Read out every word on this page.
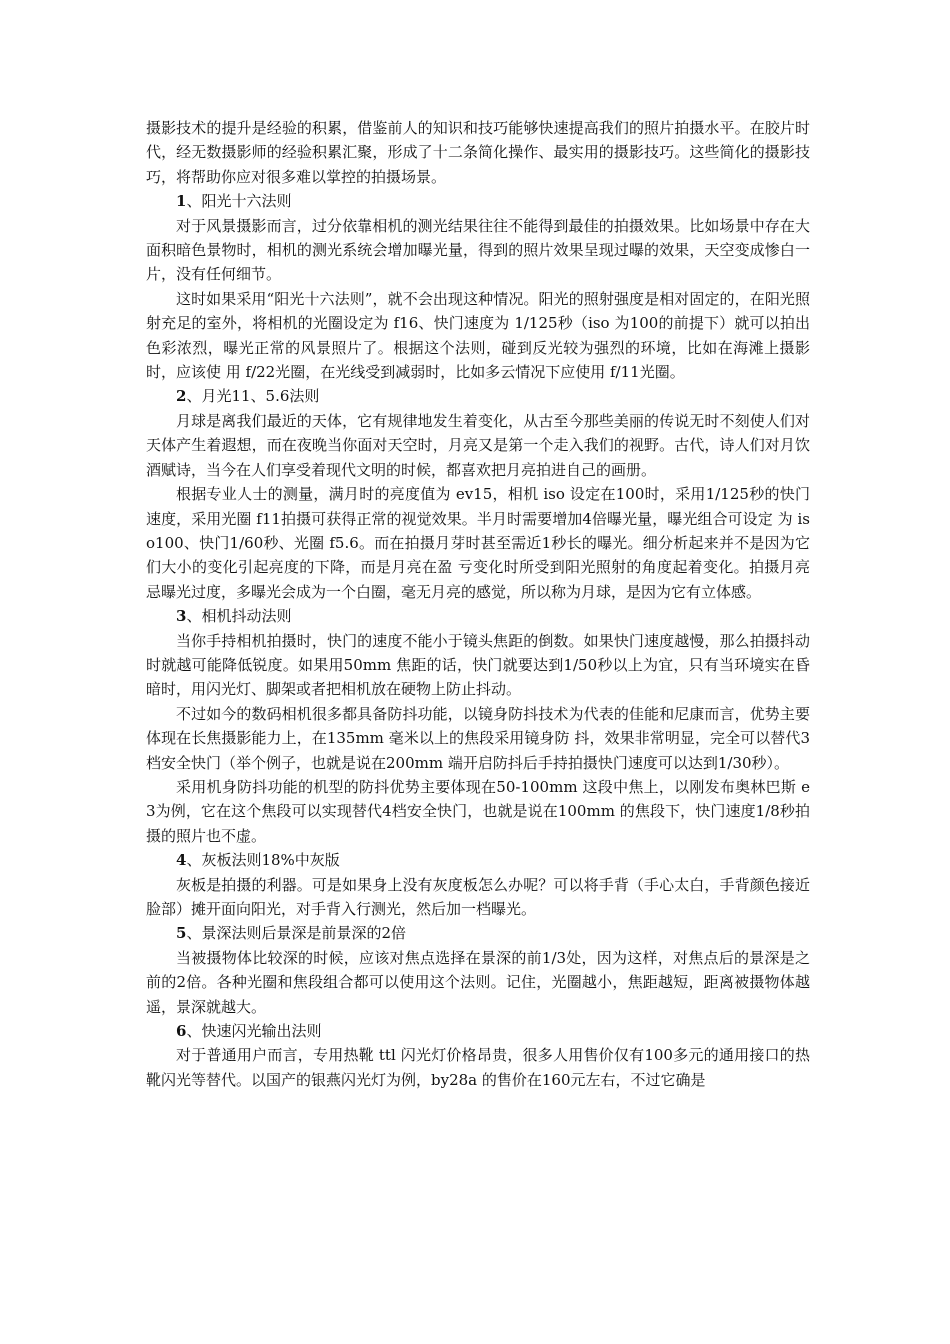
摄影技术的提升是经验的积累，借鉴前人的知识和技巧能够快速提高我们的照片拍摄水平。在胶片时代，经无数摄影师的经验积累汇聚，形成了十二条简化操作、最实用的摄影技巧。这些简化的摄影技巧，将帮助你应对很多难以掌控的拍摄场景。

1、阳光十六法则

对于风景摄影而言，过分依靠相机的测光结果往往不能得到最佳的拍摄效果。比如场景中存在大面积暗色景物时，相机的测光系统会增加曝光量，得到的照片效果呈现过曝的效果，天空变成惨白一片，没有任何细节。

这时如果采用“阳光十六法则”，就不会出现这种情况。阳光的照射强度是相对固定的，在阳光照射充足的室外，将相机的光圈设定为 f16、快门速度为 1/125秒（iso 为100的前提下）就可以拍出色彩浓烈，曝光正常的风景照片了。根据这个法则，碰到反光较为强烈的环境，比如在海滩上摄影时，应该使 用 f/22光圈，在光线受到减弱时，比如多云情况下应使用 f/11光圈。

2、月光11、5.6法则

月球是离我们最近的天体，它有规律地发生着变化，从古至今那些美丽的传说无时不刻使人们对天体产生着遐想，而在夜晚当你面对天空时，月亮又是第一个走入我们的视野。古代，诗人们对月饮酒赋诗，当今在人们享受着现代文明的时候，都喜欢把月亮拍进自己的画册。

根据专业人士的测量，满月时的亮度值为 ev15，相机 iso 设定在100时，采用1/125秒的快门速度，采用光圈 f11拍摄可获得正常的视觉效果。半月时需要增加4倍曝光量，曝光组合可设定 为 iso100、快门1/60秒、光圈 f5.6。而在拍摄月芽时甚至需近1秒长的曝光。细分析起来并不是因为它们大小的变化引起亮度的下降，而是月亮在盈 亏变化时所受到阳光照射的角度起着变化。拍摄月亮忌曝光过度，多曝光会成为一个白圈，毫无月亮的感觉，所以称为月球，是因为它有立体感。

3、相机抖动法则

当你手持相机拍摄时，快门的速度不能小于镜头焦距的倒数。如果快门速度越慢，那么拍摄抖动时就越可能降低锐度。如果用50mm 焦距的话，快门就要达到1/50秒以上为宜，只有当环境实在昏暗时，用闪光灯、脚架或者把相机放在硬物上防止抖动。

不过如今的数码相机很多都具备防抖功能，以镜身防抖技术为代表的佳能和尼康而言，优势主要体现在长焦摄影能力上，在135mm 毫米以上的焦段采用镜身防 抖，效果非常明显，完全可以替代3档安全快门（举个例子，也就是说在200mm 端开启防抖后手持拍摄快门速度可以达到1/30秒）。

采用机身防抖功能的机型的防抖优势主要体现在50-100mm 这段中焦上，以刚发布奥林巴斯 e3为例，它在这个焦段可以实现替代4档安全快门，也就是说在100mm 的焦段下，快门速度1/8秒拍摄的照片也不虚。

4、灰板法则18%中灰版

灰板是拍摄的利器。可是如果身上没有灰度板怎么办呢？可以将手背（手心太白，手背颜色接近脸部）摊开面向阳光，对手背入行测光，然后加一档曝光。

5、景深法则后景深是前景深的2倍

当被摄物体比较深的时候，应该对焦点选择在景深的前1/3处，因为这样，对焦点后的景深是之前的2倍。各种光圈和焦段组合都可以使用这个法则。记住，光圈越小，焦距越短，距离被摄物体越遥，景深就越大。

6、快速闪光输出法则

对于普通用户而言，专用热靴 ttl 闪光灯价格昂贵，很多人用售价仅有100多元的通用接口的热靴闪光等替代。以国产的银燕闪光灯为例，by28a 的售价在160元左右，不过它确是
